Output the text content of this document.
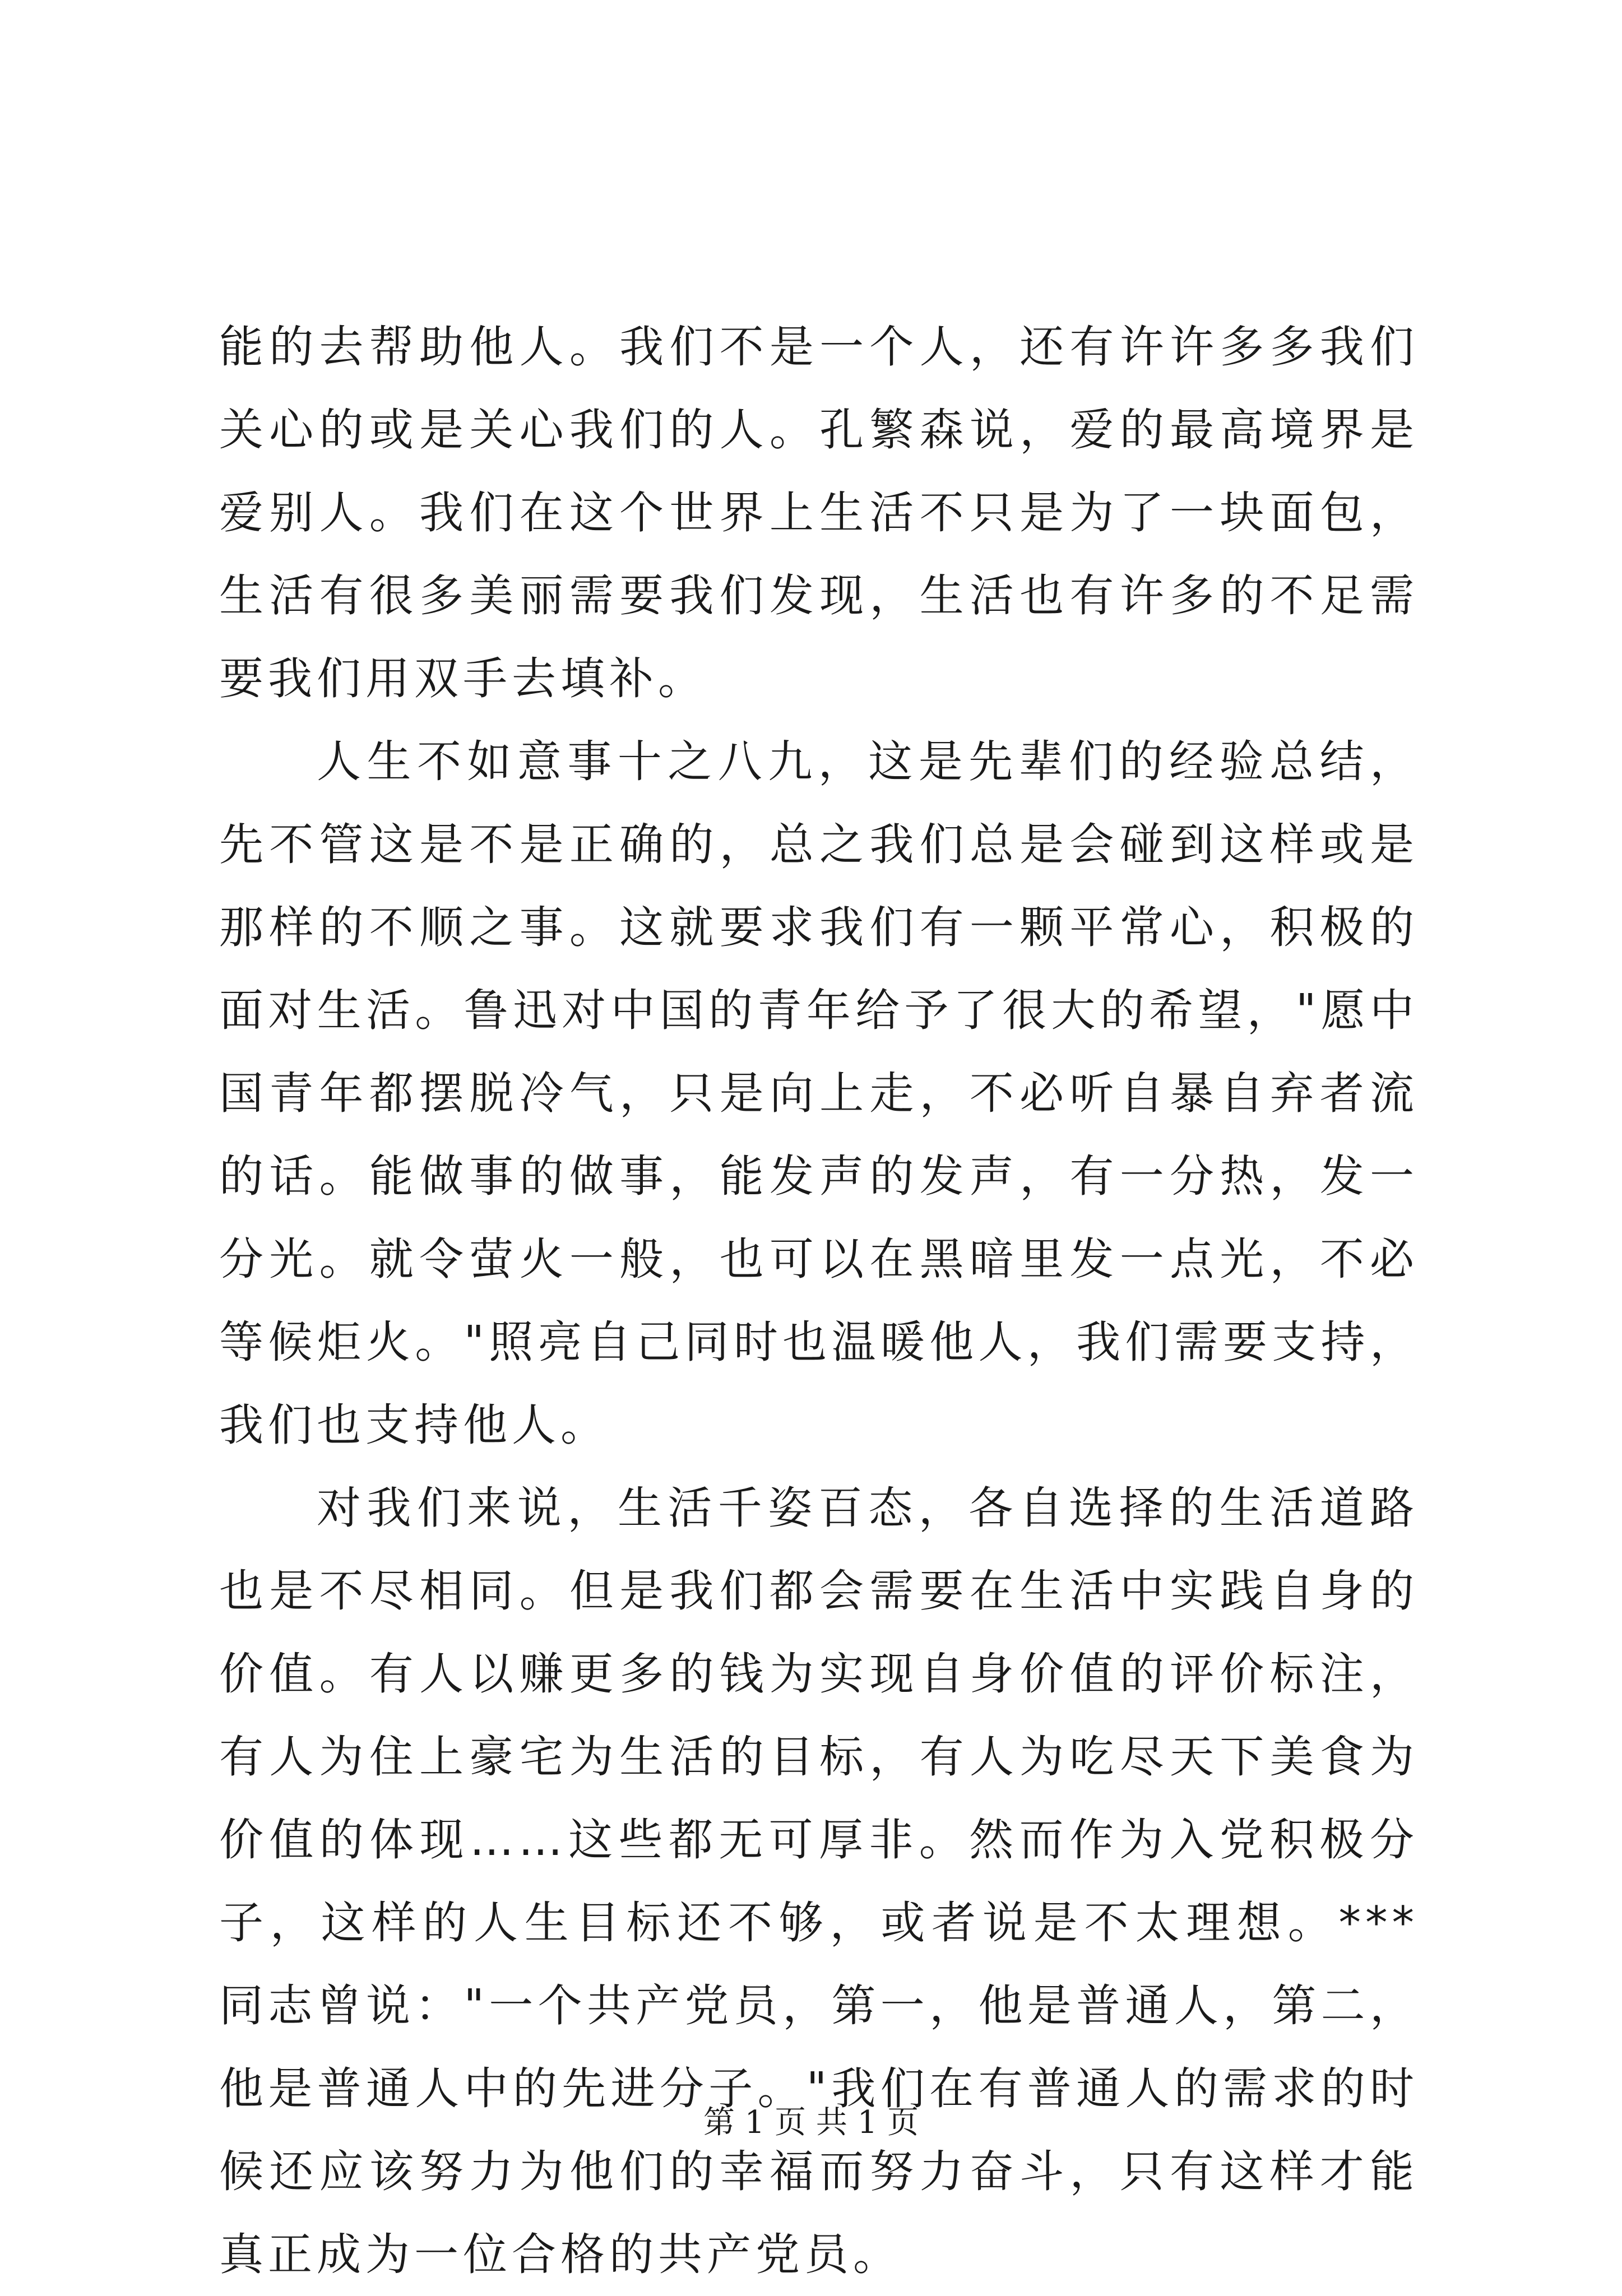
能的去帮助他人。我们不是一个人，还有许许多多我们关心的或是关心我们的人。孔繁森说，爱的最高境界是爱别人。我们在这个世界上生活不只是为了一块面包，生活有很多美丽需要我们发现，生活也有许多的不足需要我们用双手去填补。

人生不如意事十之八九，这是先辈们的经验总结，先不管这是不是正确的，总之我们总是会碰到这样或是那样的不顺之事。这就要求我们有一颗平常心，积极的面对生活。鲁迅对中国的青年给予了很大的希望，"愿中国青年都摆脱冷气，只是向上走，不必听自暴自弃者流的话。能做事的做事，能发声的发声，有一分热，发一分光。就令萤火一般，也可以在黑暗里发一点光，不必等候炬火。"照亮自己同时也温暖他人，我们需要支持，我们也支持他人。

对我们来说，生活千姿百态，各自选择的生活道路也是不尽相同。但是我们都会需要在生活中实践自身的价值。有人以赚更多的钱为实现自身价值的评价标注，有人为住上豪宅为生活的目标，有人为吃尽天下美食为价值的体现……这些都无可厚非。然而作为入党积极分子，这样的人生目标还不够，或者说是不太理想。***同志曾说："一个共产党员，第一，他是普通人，第二，他是普通人中的先进分子。"我们在有普通人的需求的时候还应该努力为他们的幸福而努力奋斗，只有这样才能真正成为一位合格的共产党员。

第 1 页 共 1 页
